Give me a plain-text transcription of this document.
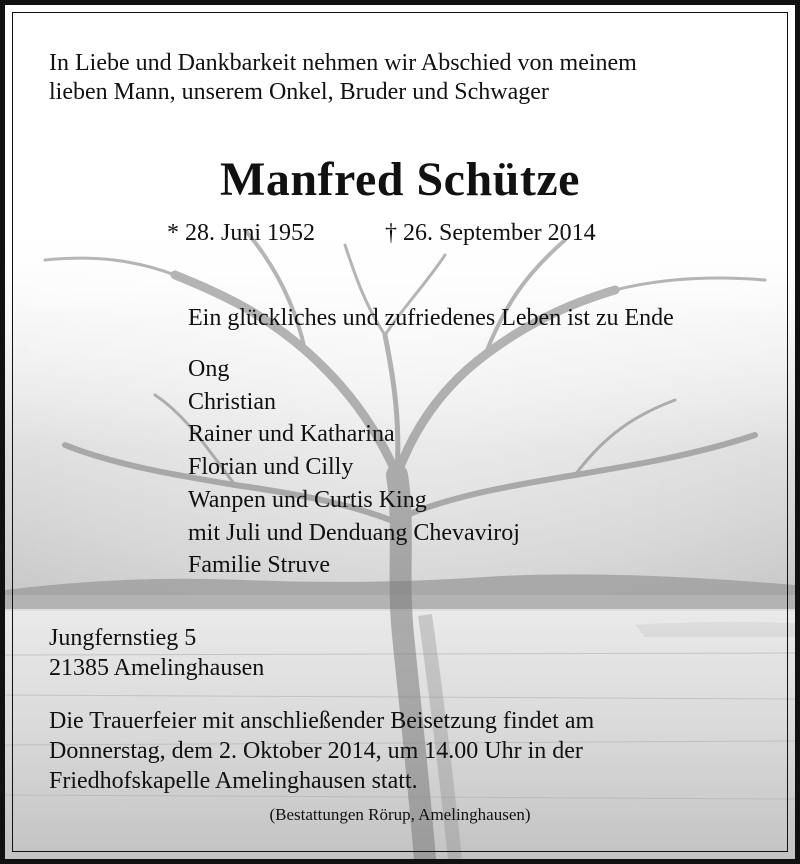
In Liebe und Dankbarkeit nehmen wir Abschied von meinem
lieben Mann, unserem Onkel, Bruder und Schwager
Manfred Schütze
* 28. Juni 1952	† 26. September 2014
Ein glückliches und zufriedenes Leben ist zu Ende
Ong
Christian
Rainer und Katharina
Florian und Cilly
Wanpen und Curtis King
mit Juli und Denduang Chevaviroj
Familie Struve
Jungfernstieg 5
21385 Amelinghausen
Die Trauerfeier mit anschließender Beisetzung findet am
Donnerstag, dem 2. Oktober 2014, um 14.00 Uhr in der
Friedhofskapelle Amelinghausen statt.
(Bestattungen Rörup, Amelinghausen)
